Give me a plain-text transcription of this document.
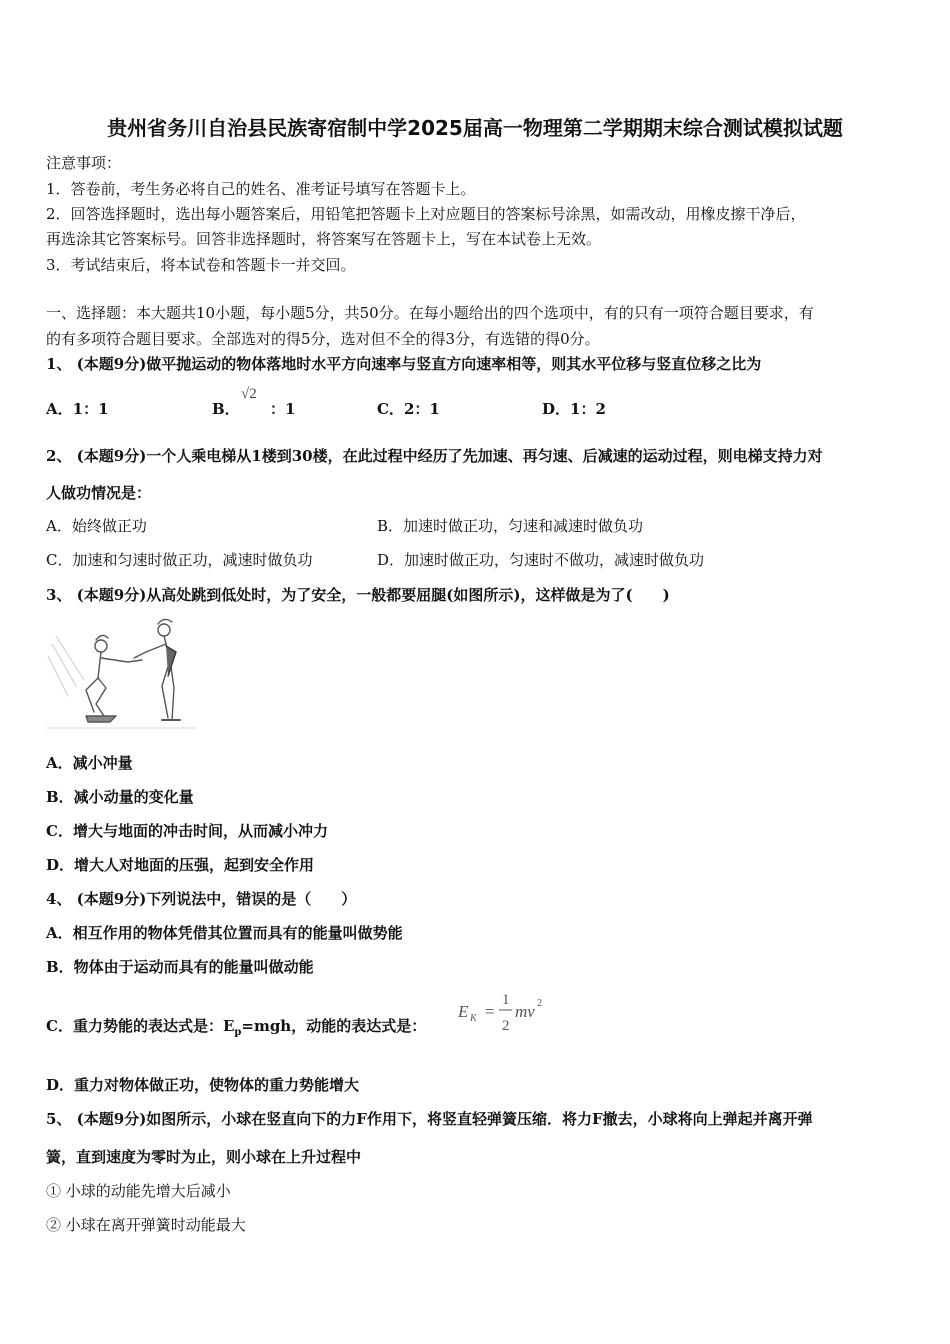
贵州省务川自治县民族寄宿制中学2025届高一物理第二学期期末综合测试模拟试题
注意事项：
1．答卷前，考生务必将自己的姓名、准考证号填写在答题卡上。
2．回答选择题时，选出每小题答案后，用铅笔把答题卡上对应题目的答案标号涂黑，如需改动，用橡皮擦干净后，
再选涂其它答案标号。回答非选择题时，将答案写在答题卡上，写在本试卷上无效。
3．考试结束后，将本试卷和答题卡一并交回。
一、选择题：本大题共10小题，每小题5分，共50分。在每小题给出的四个选项中，有的只有一项符合题目要求，有
的有多项符合题目要求。全部选对的得5分，选对但不全的得3分，有选错的得0分。
1、 (本题9分)做平抛运动的物体落地时水平方向速率与竖直方向速率相等，则其水平位移与竖直位移之比为
A．1：1	B．
√2
：1	C．2：1	D．1：2
2、 (本题9分)一个人乘电梯从1楼到30楼，在此过程中经历了先加速、再匀速、后减速的运动过程，则电梯支持力对
人做功情况是：
A．始终做正功	B．加速时做正功，匀速和减速时做负功
C．加速和匀速时做正功，减速时做负功	D．加速时做正功，匀速时不做功，减速时做负功
3、 (本题9分)从高处跳到低处时，为了安全，一般都要屈腿(如图所示)，这样做是为了(　　)
A．减小冲量
B．减小动量的变化量
C．增大与地面的冲击时间，从而减小冲力
D．增大人对地面的压强，起到安全作用
4、 (本题9分)下列说法中，错误的是（　　）
A．相互作用的物体凭借其位置而具有的能量叫做势能
B．物体由于运动而具有的能量叫做动能
C．重力势能的表达式是：$E_p=mgh$，动能的表达式是：
E K =
1
2
mv 2
D．重力对物体做正功，使物体的重力势能增大
5、 (本题9分)如图所示，小球在竖直向下的力F作用下，将竖直轻弹簧压缩．将力F撤去，小球将向上弹起并离开弹
簧，直到速度为零时为止，则小球在上升过程中
① 小球的动能先增大后减小
② 小球在离开弹簧时动能最大
